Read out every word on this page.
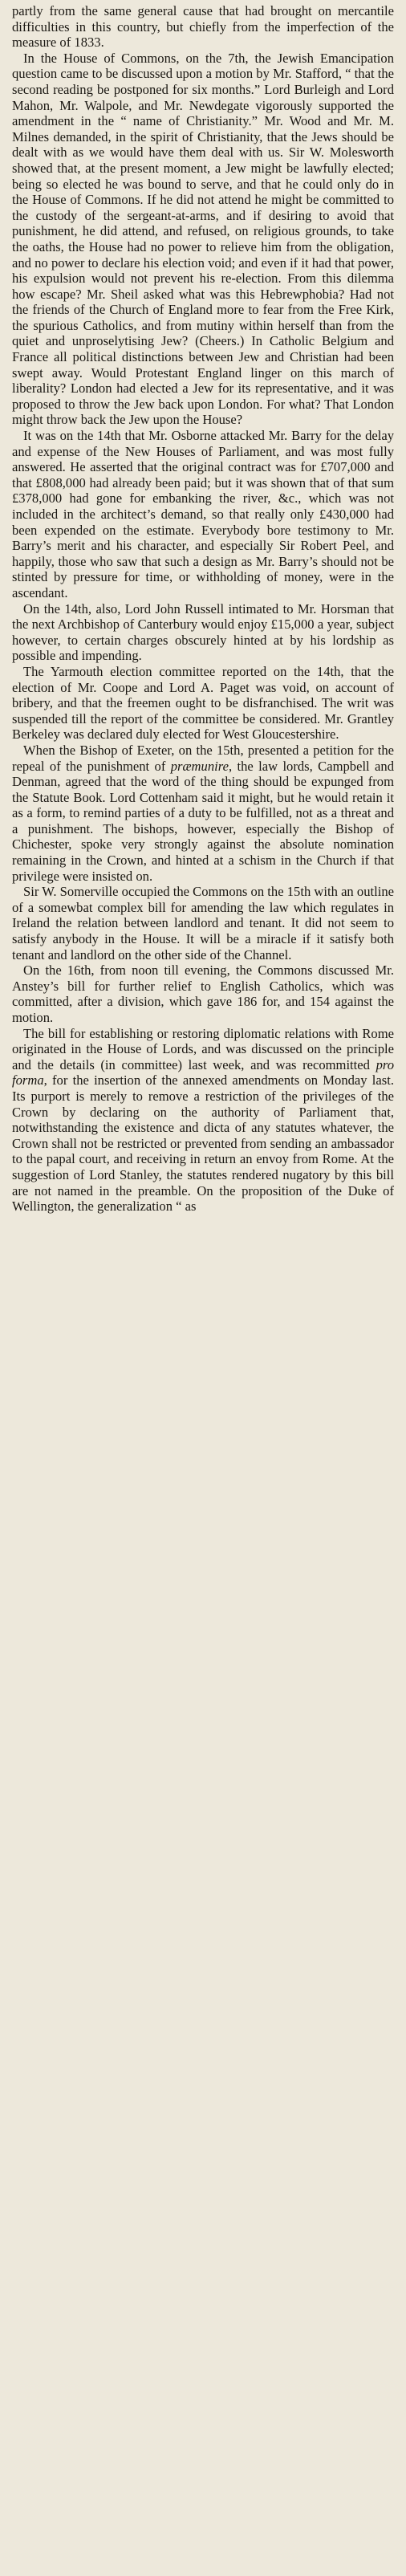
partly from the same general cause that had brought on mercantile difficulties in this country, but chiefly from the imperfection of the measure of 1833.

In the House of Commons, on the 7th, the Jewish Emancipation question came to be discussed upon a motion by Mr. Stafford, “ that the second reading be postponed for six months.” Lord Burleigh and Lord Mahon, Mr. Walpole, and Mr. Newdegate vigorously supported the amendment in the “ name of Christianity.” Mr. Wood and Mr. M. Milnes demanded, in the spirit of Christianity, that the Jews should be dealt with as we would have them deal with us. Sir W. Molesworth showed that, at the present moment, a Jew might be lawfully elected; being so elected he was bound to serve, and that he could only do in the House of Commons. If he did not attend he might be committed to the custody of the sergeant-at-arms, and if desiring to avoid that punishment, he did attend, and refused, on religious grounds, to take the oaths, the House had no power to relieve him from the obligation, and no power to declare his election void; and even if it had that power, his expulsion would not prevent his re-election. From this dilemma how escape? Mr. Sheil asked what was this Hebrewphobia? Had not the friends of the Church of England more to fear from the Free Kirk, the spurious Catholics, and from mutiny within herself than from the quiet and unproselytising Jew? (Cheers.) In Catholic Belgium and France all political distinctions between Jew and Christian had been swept away. Would Protestant England linger on this march of liberality? London had elected a Jew for its representative, and it was proposed to throw the Jew back upon London. For what? That London might throw back the Jew upon the House?

It was on the 14th that Mr. Osborne attacked Mr. Barry for the delay and expense of the New Houses of Parliament, and was most fully answered. He asserted that the original contract was for £707,000 and that £808,000 had already been paid; but it was shown that of that sum £378,000 had gone for embanking the river, &c., which was not included in the architect’s demand, so that really only £430,000 had been expended on the estimate. Everybody bore testimony to Mr. Barry’s merit and his character, and especially Sir Robert Peel, and happily, those who saw that such a design as Mr. Barry’s should not be stinted by pressure for time, or withholding of money, were in the ascendant.

On the 14th, also, Lord John Russell intimated to Mr. Horsman that the next Archbishop of Canterbury would enjoy £15,000 a year, subject however, to certain charges obscurely hinted at by his lordship as possible and impending.

The Yarmouth election committee reported on the 14th, that the election of Mr. Coope and Lord A. Paget was void, on account of bribery, and that the freemen ought to be disfranchised. The writ was suspended till the report of the committee be considered. Mr. Grantley Berkeley was declared duly elected for West Gloucestershire.

When the Bishop of Exeter, on the 15th, presented a petition for the repeal of the punishment of præmunire, the law lords, Campbell and Denman, agreed that the word of the thing should be expunged from the Statute Book. Lord Cottenham said it might, but he would retain it as a form, to remind parties of a duty to be fulfilled, not as a threat and a punishment. The bishops, however, especially the Bishop of Chichester, spoke very strongly against the absolute nomination remaining in the Crown, and hinted at a schism in the Church if that privilege were insisted on.

Sir W. Somerville occupied the Commons on the 15th with an outline of a somewbat complex bill for amending the law which regulates in Ireland the relation between landlord and tenant. It did not seem to satisfy anybody in the House. It will be a miracle if it satisfy both tenant and landlord on the other side of the Channel.

On the 16th, from noon till evening, the Commons discussed Mr. Anstey’s bill for further relief to English Catholics, which was committed, after a division, which gave 186 for, and 154 against the motion.

The bill for establishing or restoring diplomatic relations with Rome originated in the House of Lords, and was discussed on the principle and the details (in committee) last week, and was recommitted pro forma, for the insertion of the annexed amendments on Monday last. Its purport is merely to remove a restriction of the privileges of the Crown by declaring on the authority of Parliament that, notwithstanding the existence and dicta of any statutes whatever, the Crown shall not be restricted or prevented from sending an ambassador to the papal court, and receiving in return an envoy from Rome. At the suggestion of Lord Stanley, the statutes rendered nugatory by this bill are not named in the preamble. On the proposition of the Duke of Wellington, the generalization “ as
